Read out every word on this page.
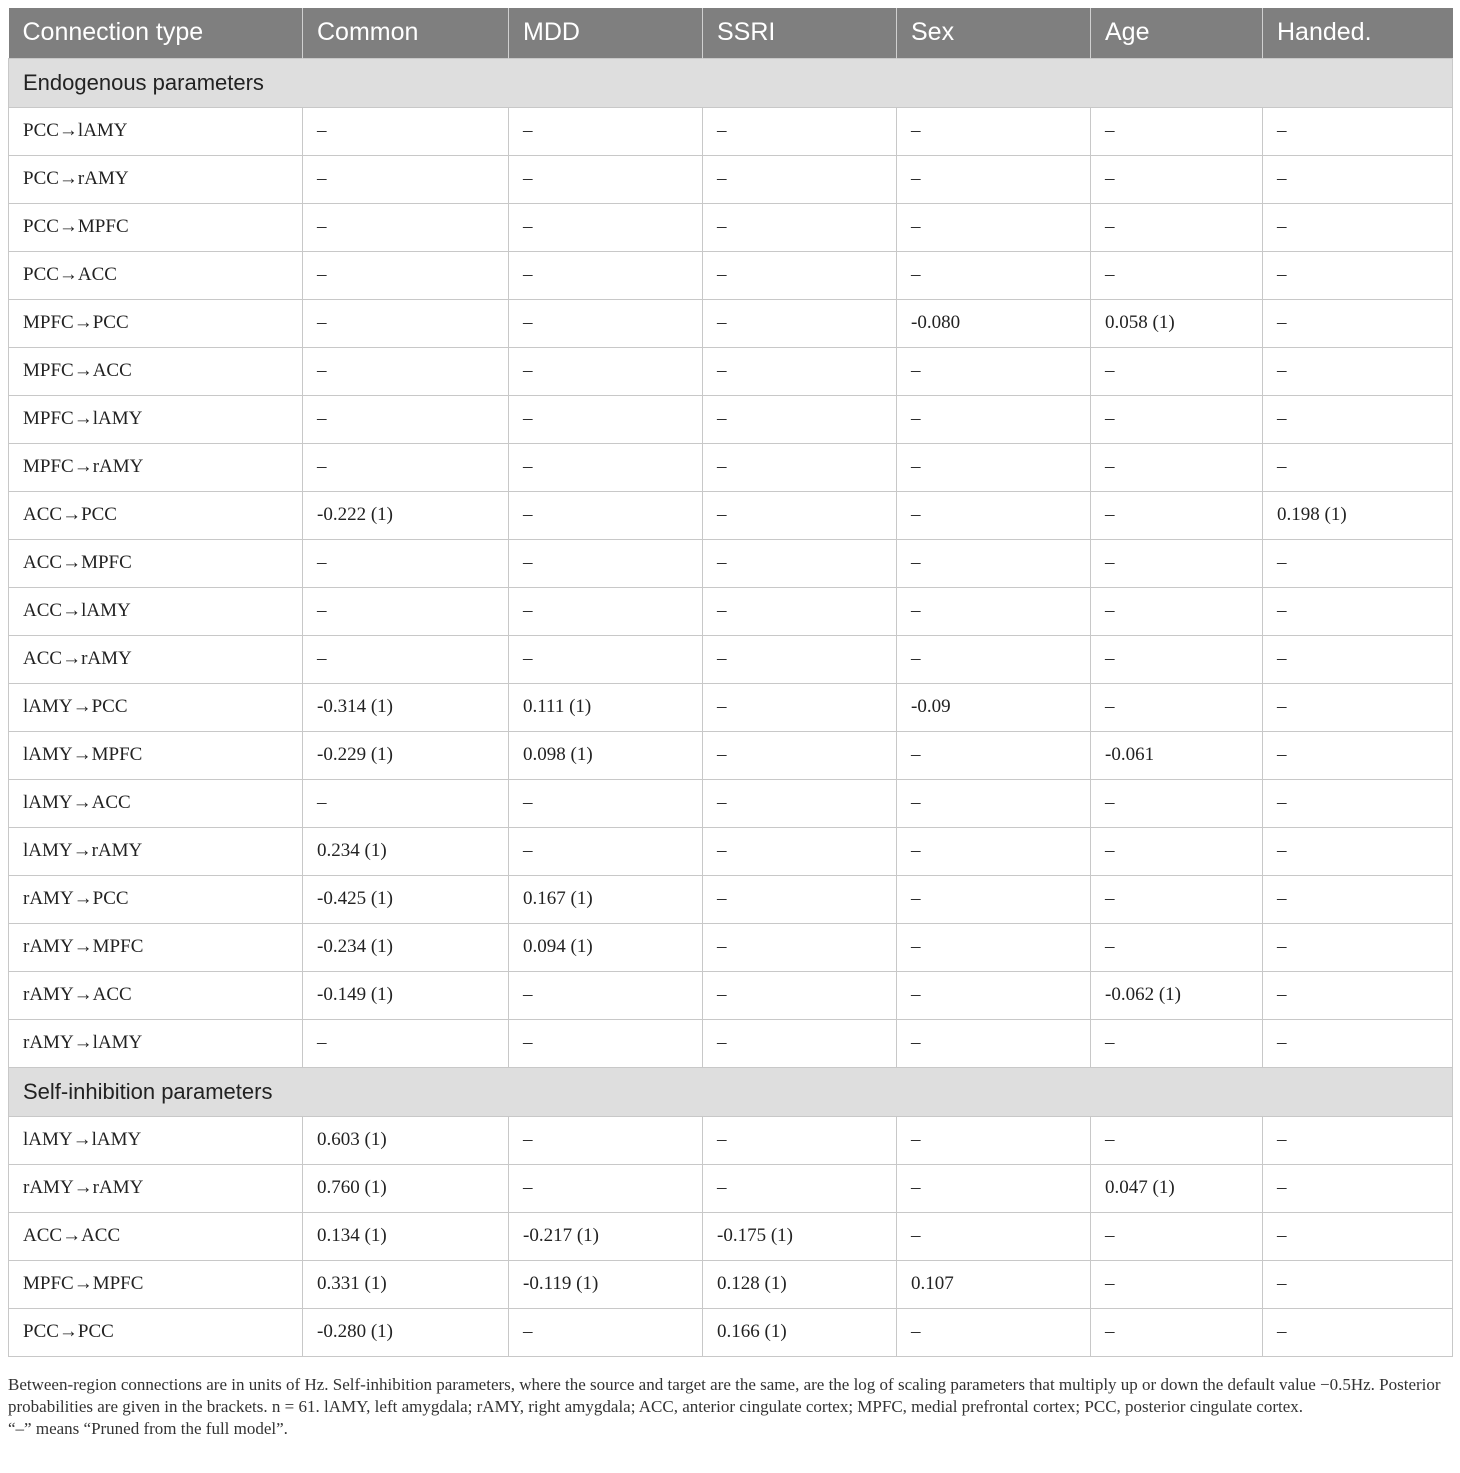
Connection type	Common	MDD	SSRI	Sex	Age	Handed.
Endogenous parameters						
PCC→lAMY	–	–	–	–	–	–
PCC→rAMY	–	–	–	–	–	–
PCC→MPFC	–	–	–	–	–	–
PCC→ACC	–	–	–	–	–	–
MPFC→PCC	–	–	–	-0.080	0.058 (1)	–
MPFC→ACC	–	–	–	–	–	–
MPFC→lAMY	–	–	–	–	–	–
MPFC→rAMY	–	–	–	–	–	–
ACC→PCC	-0.222 (1)	–	–	–	–	0.198 (1)
ACC→MPFC	–	–	–	–	–	–
ACC→lAMY	–	–	–	–	–	–
ACC→rAMY	–	–	–	–	–	–
lAMY→PCC	-0.314 (1)	0.111 (1)	–	-0.09	–	–
lAMY→MPFC	-0.229 (1)	0.098 (1)	–	–	-0.061	–
lAMY→ACC	–	–	–	–	–	–
lAMY→rAMY	0.234 (1)	–	–	–	–	–
rAMY→PCC	-0.425 (1)	0.167 (1)	–	–	–	–
rAMY→MPFC	-0.234 (1)	0.094 (1)	–	–	–	–
rAMY→ACC	-0.149 (1)	–	–	–	-0.062 (1)	–
rAMY→lAMY	–	–	–	–	–	–
Self-inhibition parameters						
lAMY→lAMY	0.603 (1)	–	–	–	–	–
rAMY→rAMY	0.760 (1)	–	–	–	0.047 (1)	–
ACC→ACC	0.134 (1)	-0.217 (1)	-0.175 (1)	–	–	–
MPFC→MPFC	0.331 (1)	-0.119 (1)	0.128 (1)	0.107	–	–
PCC→PCC	-0.280 (1)	–	0.166 (1)	–	–	–

Between-region connections are in units of Hz. Self-inhibition parameters, where the source and target are the same, are the log of scaling parameters that multiply up or down the default value −0.5Hz. Posterior probabilities are given in the brackets. n = 61. lAMY, left amygdala; rAMY, right amygdala; ACC, anterior cingulate cortex; MPFC, medial prefrontal cortex; PCC, posterior cingulate cortex.

“–” means “Pruned from the full model”.
